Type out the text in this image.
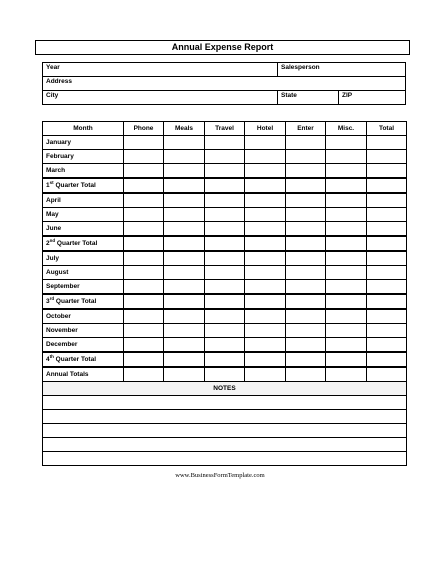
Annual Expense Report
Year	Salesperson	
Address		
City	State	ZIP
Month	Phone	Meals	Travel	Hotel	Enter	Misc.	Total
January							
February							
March							
1st Quarter Total							
April							
May							
June							
2nd Quarter Total							
July							
August							
September							
3rd Quarter Total							
October							
November							
December							
4th Quarter Total							
Annual Totals							
NOTES							

www.BusinessFormTemplate.com
